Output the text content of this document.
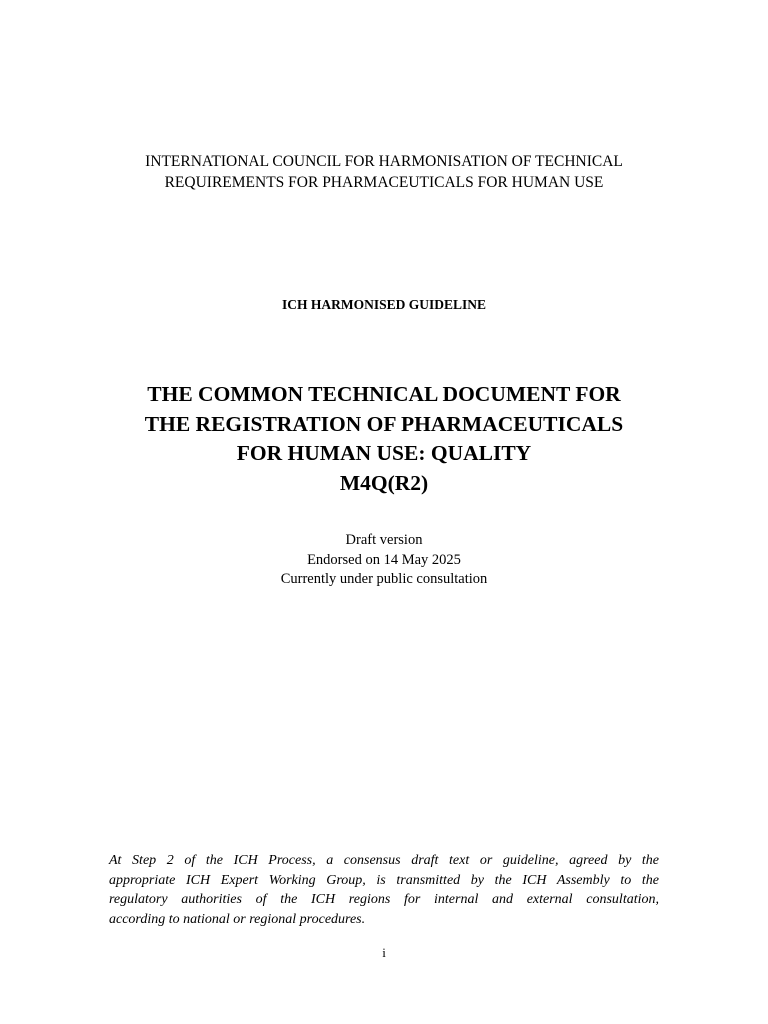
INTERNATIONAL COUNCIL FOR HARMONISATION OF TECHNICAL
REQUIREMENTS FOR PHARMACEUTICALS FOR HUMAN USE
ICH HARMONISED GUIDELINE
THE COMMON TECHNICAL DOCUMENT FOR
THE REGISTRATION OF PHARMACEUTICALS
FOR HUMAN USE: QUALITY
M4Q(R2)
Draft version
Endorsed on 14 May 2025
Currently under public consultation
At Step 2 of the ICH Process, a consensus draft text or guideline, agreed by the
appropriate ICH Expert Working Group, is transmitted by the ICH Assembly to the
regulatory authorities of the ICH regions for internal and external consultation,
according to national or regional procedures.
i
